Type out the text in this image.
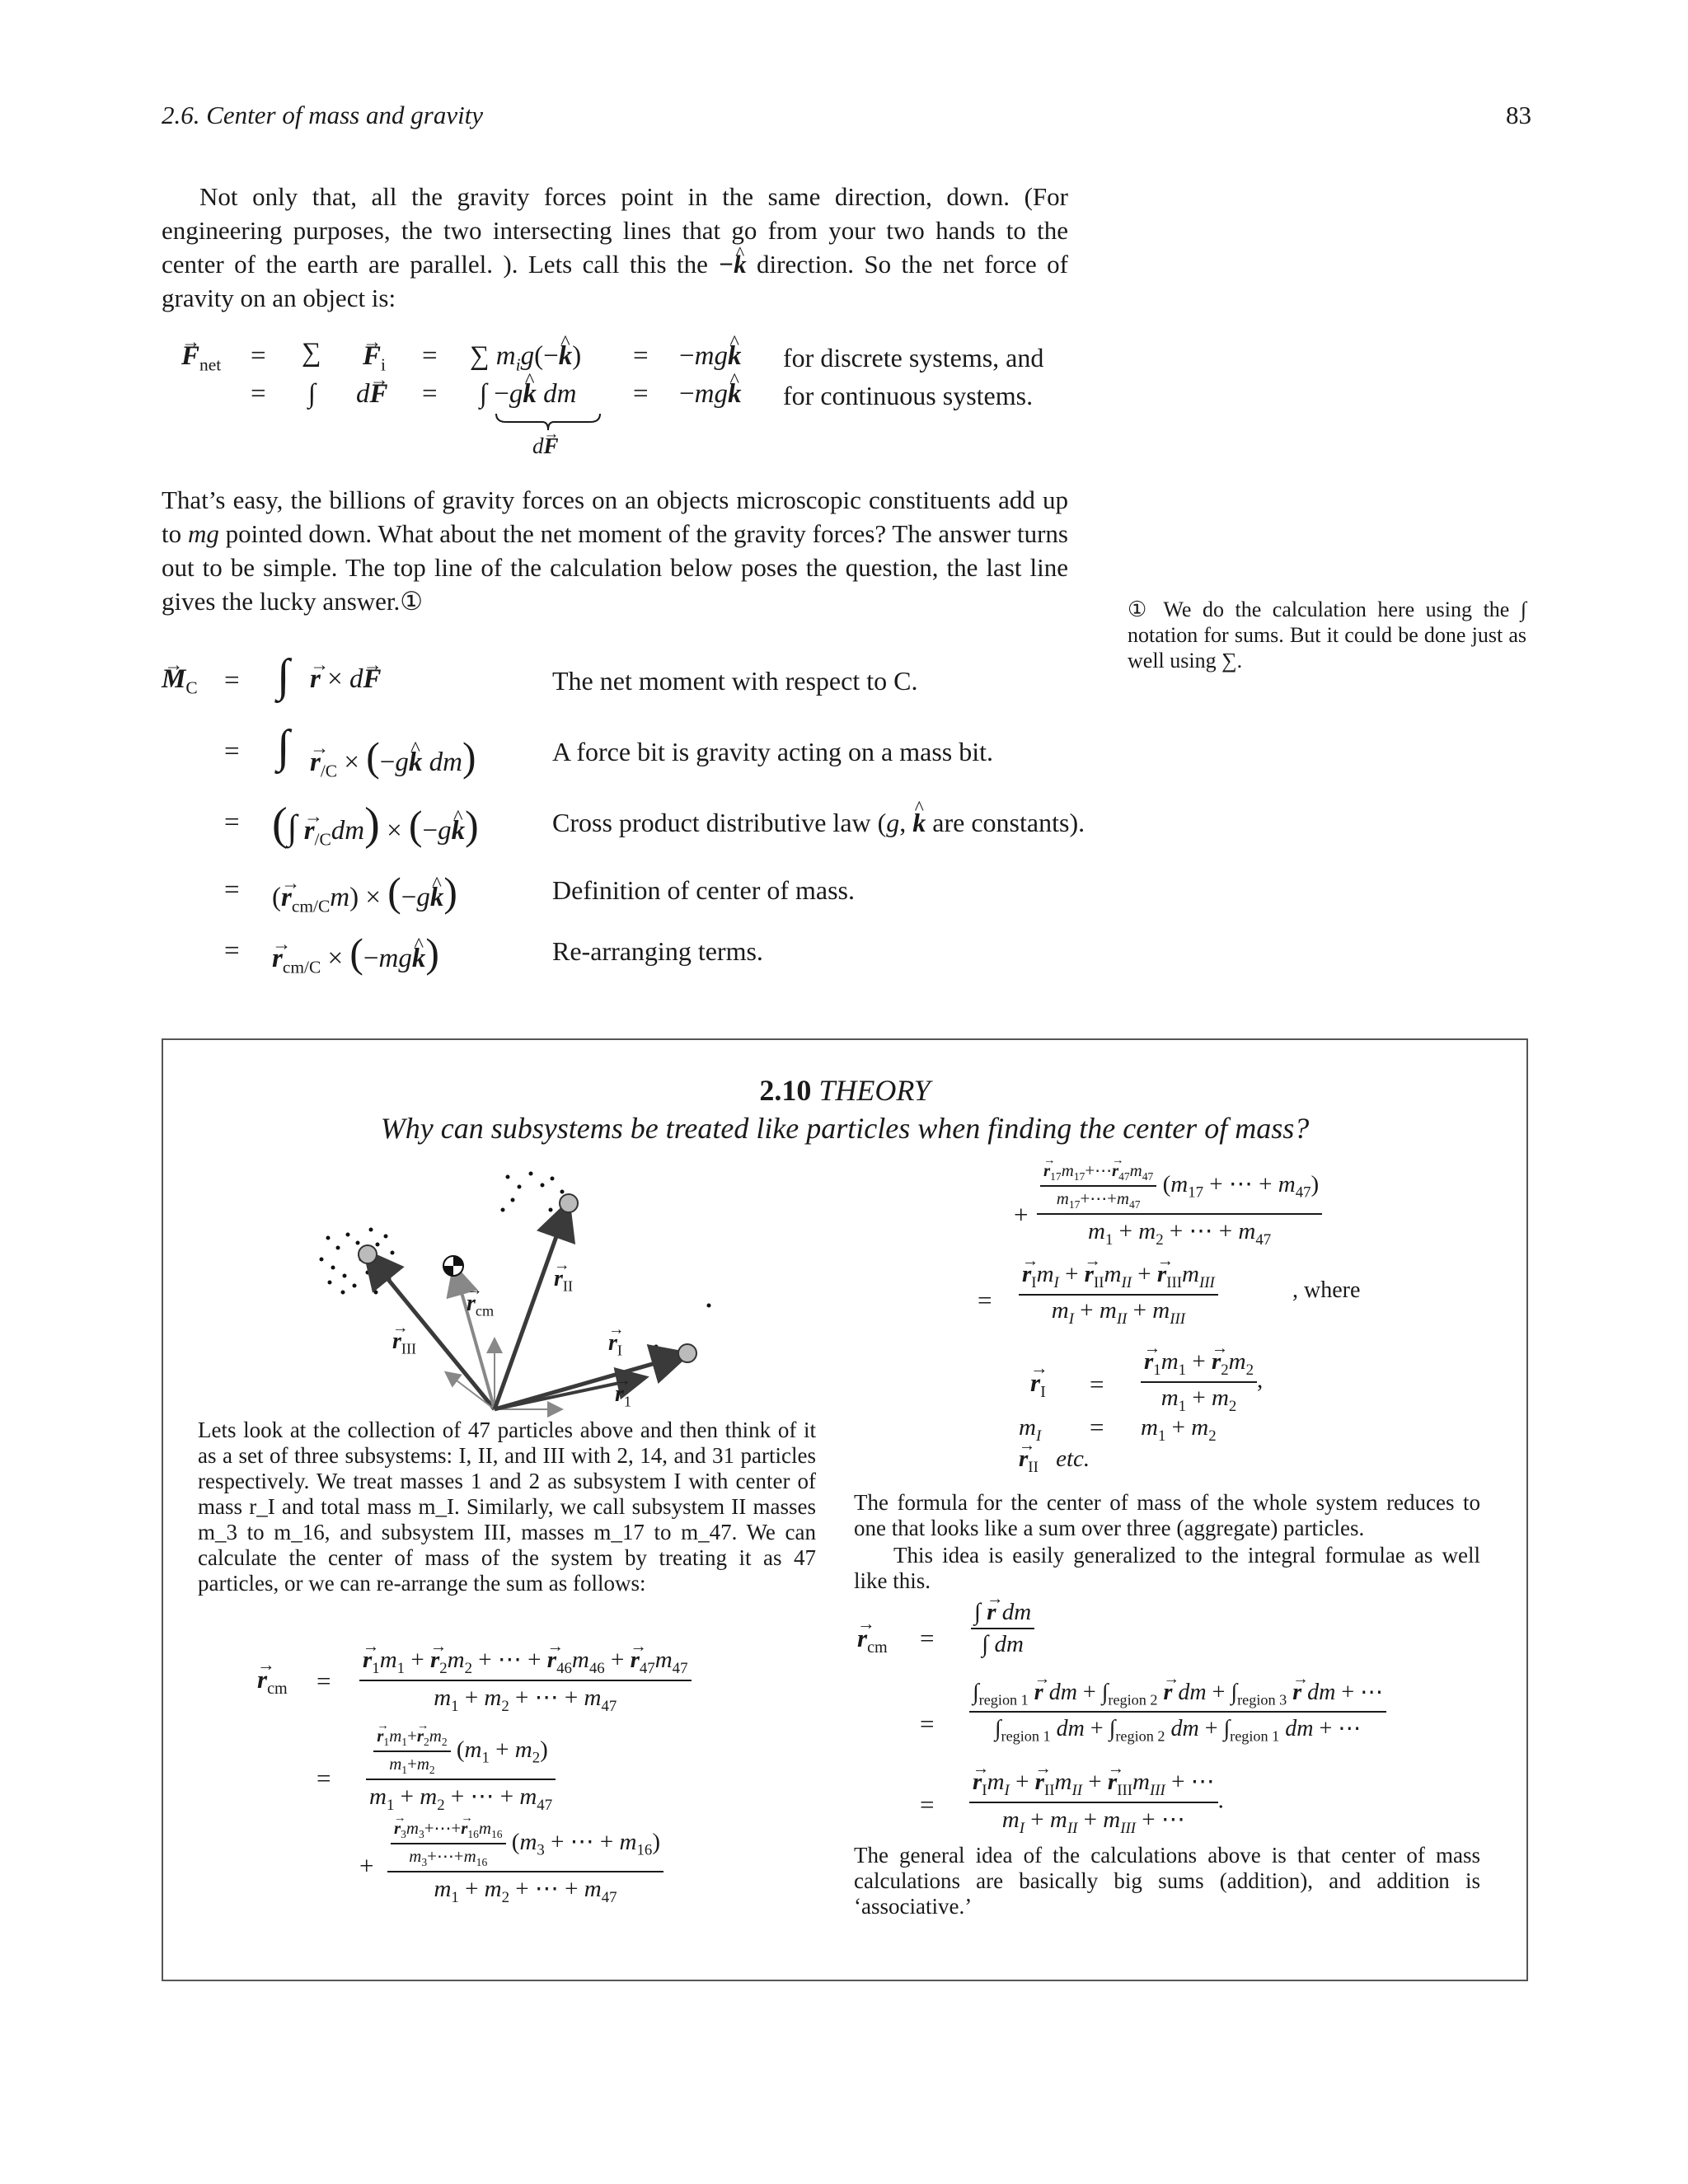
2.6. Center of mass and gravity	83
Not only that, all the gravity forces point in the same direction, down. (For engineering purposes, the two intersecting lines that go from your two hands to the center of the earth are parallel. ). Lets call this the −^ k direction. So the net force of gravity on an object is:
→ $F_{net}$ = ∑ → $F_i$ = ∑ $m_ig(-\^{}$ k) = −mg^ k for discrete systems, and
= ∫ d→ F = ∫ −g^ k dm
d→ F
= −mg^ k for continuous systems.
That’s easy, the billions of gravity forces on an objects microscopic constituents add up to mg pointed down. What about the net moment of the gravity forces? The answer turns out to be simple. The top line of the calculation below poses the question, the last line gives the lucky answer.①	① We do the calculation here using the ∫ notation for sums. But it could be done just as well using ∑.
→ $M_C$ = ∫ → r × d→ F	The net moment with respect to C.
= ∫ → $r_{/C}$ × (−g^ k dm)	A force bit is gravity acting on a mass bit.
= (∫ → $r_{/C}dm$) × (−g^ k)	Cross product distributive law (g, ^ k are constants).
= (→ $r_{cm/C}m$) × (−g^ k)	Definition of center of mass.
= → $r_{cm/C}$ × (−mg^ k)	Re-arranging terms.
2.10 THEORY
Why can subsystems be treated like particles when finding the center of mass?
→ $r_{cm}$
→ $r_{II}$
→ $r_{III}$	→ $r_I$
→ $r_1$
Lets look at the collection of 47 particles above and then think of it as a set of three subsystems: I, II, and III with 2, 14, and 31 particles respectively. We treat masses 1 and 2 as subsystem I with center of mass r_I and total mass m_I. Similarly, we call subsystem II masses m_3 to m_16, and subsystem III, masses m_17 to m_47. We can calculate the center of mass of the system by treating it as 47 particles, or we can re-arrange the sum as follows:
→ $r_{cm}$ = → $\frac{r_1m_1 + \to r_2m_2 + \cdots + \to r_{46}m_{46} + \to r_{47}m_{47}}{m_1 + m_2 + \cdots + m_{47}}$
= → $\frac{\frac{r_1m_1+\to r_2m_2}{m_1+m_2} (m_1 + m_2)}{m_1 + m_2 + \cdots + m_{47}}$
+ → $\frac{\frac{r_3m_3+\cdots+\to r_{16}m_{16}}{m_3+\cdots+m_{16}} (m_3 + \cdots + m_{16})}{m_1 + m_2 + \cdots + m_{47}}$
+ → $\frac{\frac{r_{17}m_{17}+\cdots\to r_{47}m_{47}}{m_{17}+\cdots+m_{47}} (m_{17} + \cdots + m_{47})}{m_1 + m_2 + \cdots + m_{47}}$
= → $\frac{r_Im_I + \to r_{II}m_{II} + \to r_{III}m_{III}}{m_I + m_{II} + m_{III}}$	, where
→ $r_I$ = → $\frac{r_1m_1 + \to r_2m_2}{m_1 + m_2}$ ,
$m_I = m_1 + m_2$
→ $r_{II}$ etc.
The formula for the center of mass of the whole system reduces to one that looks like a sum over three (aggregate) particles.
This idea is easily generalized to the integral formulae as well like this.
→ $r_{cm} = \frac{\text{∫ → r dm}}{\int dm}$
= $\frac{\int_{region 1} \to r dm + \int_{region 2} \to r dm + \int_{region 3} \to r dm + \cdots}{\int_{region 1} dm + \int_{region 2} dm + \int_{region 1} dm + \cdots}$
= → $\frac{r_Im_I + \to r_{II}m_{II} + \to r_{III}m_{III} + \cdots}{m_I + m_{II} + m_{III} + \cdots}$ .
The general idea of the calculations above is that center of mass calculations are basically big sums (addition), and addition is ‘associative.’
